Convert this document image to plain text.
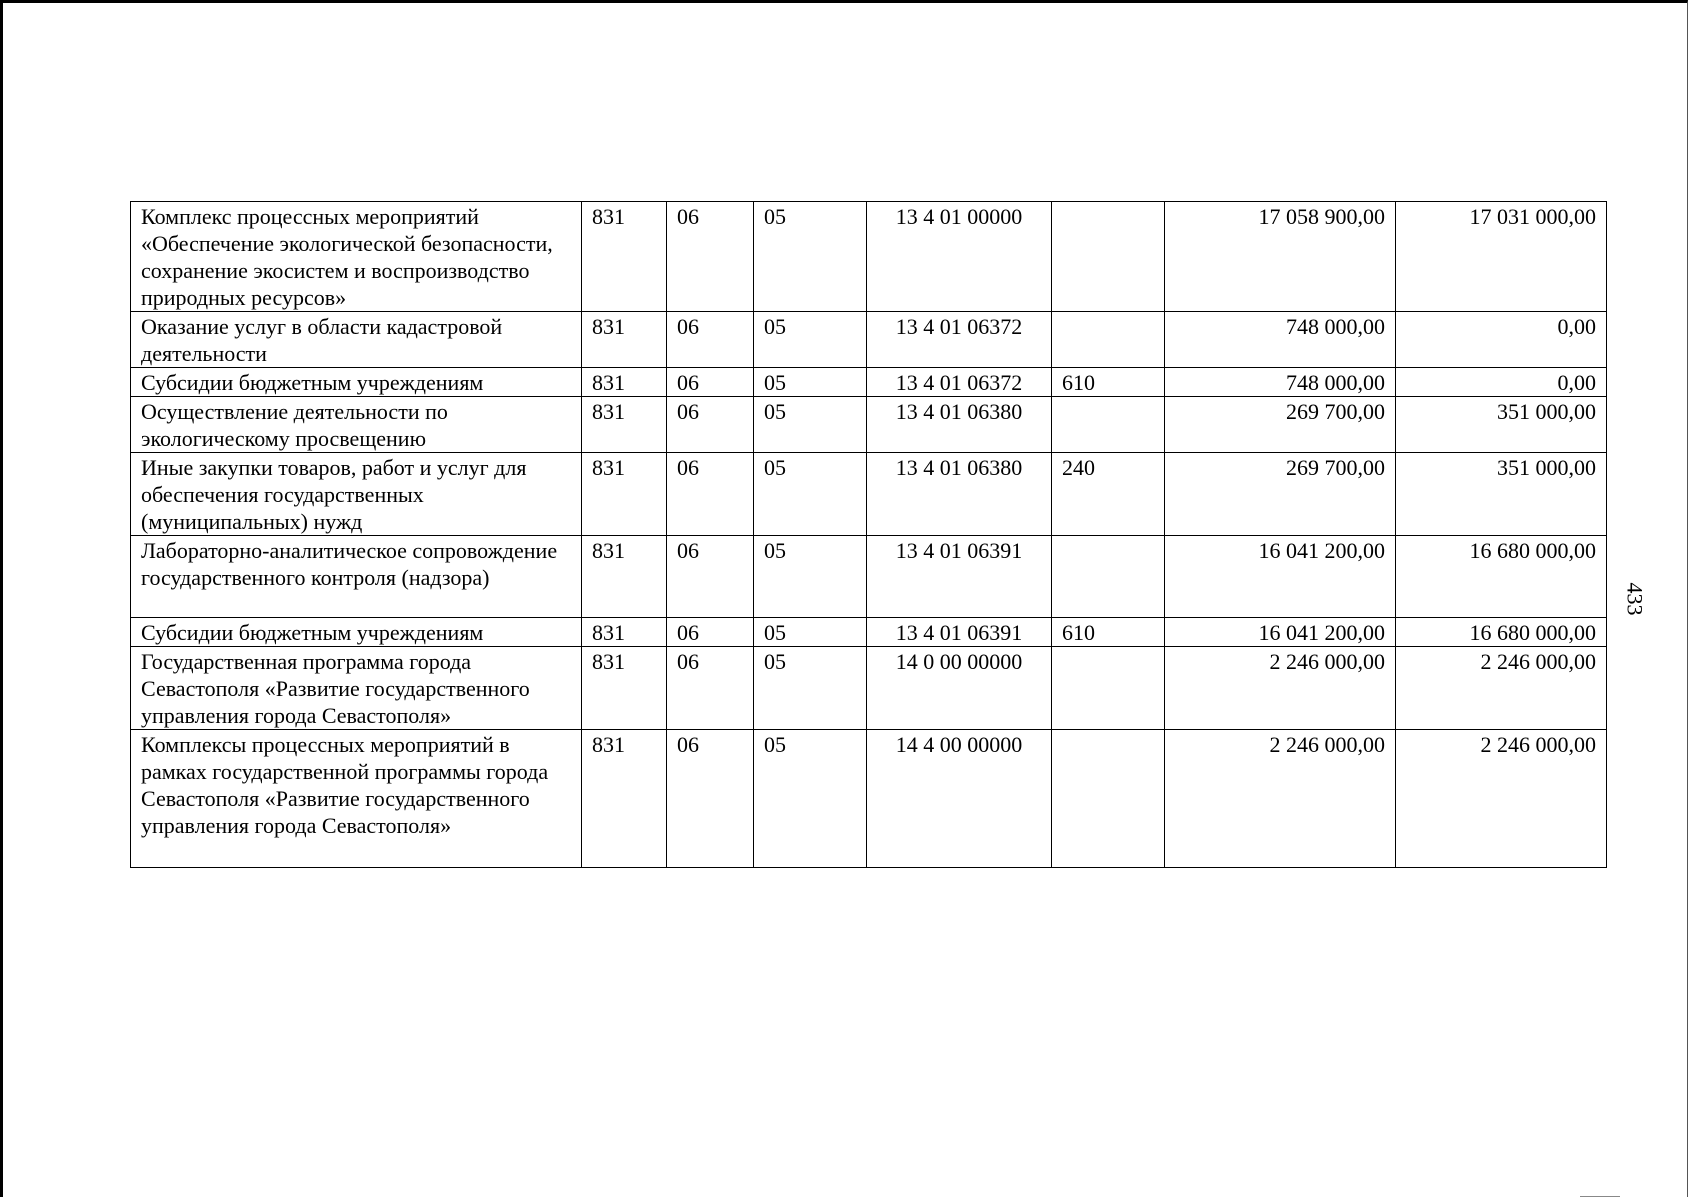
Комплекс процессных мероприятий «Обеспечение экологической безопасности, сохранение экосистем и воспроизводство природных ресурсов»	831	06	05	13 4 01 00000		17 058 900,00	17 031 000,00
Оказание услуг в области кадастровой деятельности	831	06	05	13 4 01 06372		748 000,00	0,00
Субсидии бюджетным учреждениям	831	06	05	13 4 01 06372	610	748 000,00	0,00
Осуществление деятельности по экологическому просвещению	831	06	05	13 4 01 06380		269 700,00	351 000,00
Иные закупки товаров, работ и услуг для обеспечения государственных (муниципальных) нужд	831	06	05	13 4 01 06380	240	269 700,00	351 000,00
Лабораторно-аналитическое сопровождение государственного контроля (надзора)	831	06	05	13 4 01 06391		16 041 200,00	16 680 000,00
Субсидии бюджетным учреждениям	831	06	05	13 4 01 06391	610	16 041 200,00	16 680 000,00
Государственная программа города Севастополя «Развитие государственного управления города Севастополя»	831	06	05	14 0 00 00000		2 246 000,00	2 246 000,00
Комплексы процессных мероприятий в рамках государственной программы города Севастополя «Развитие государственного управления города Севастополя»	831	06	05	14 4 00 00000		2 246 000,00	2 246 000,00
433
